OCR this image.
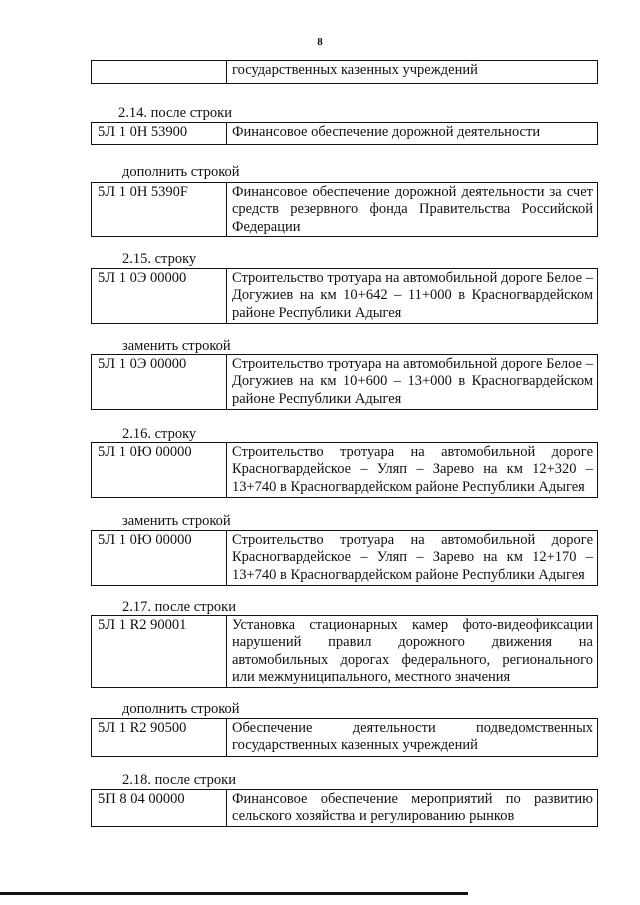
8
	государственных казенных учреждений
2.14. после строки
5Л 1 0Н 53900	Финансовое обеспечение дорожной деятельности
дополнить строкой
5Л 1 0Н 5390F	Финансовое обеспечение дорожной деятельности за счет средств резервного фонда Правительства Российской Федерации
2.15. строку
5Л 1 0Э 00000	Строительство тротуара на автомобильной дороге Белое – Догужиев на км 10+642 – 11+000 в Красногвардейском районе Республики Адыгея
заменить строкой
5Л 1 0Э 00000	Строительство тротуара на автомобильной дороге Белое – Догужиев на км 10+600 – 13+000 в Красногвардейском районе Республики Адыгея
2.16. строку
5Л 1 0Ю 00000	Строительство тротуара на автомобильной дороге Красногвардейское – Уляп – Зарево на км 12+320 – 13+740 в Красногвардейском районе Республики Адыгея
заменить строкой
5Л 1 0Ю 00000	Строительство тротуара на автомобильной дороге Красногвардейское – Уляп – Зарево на км 12+170 – 13+740 в Красногвардейском районе Республики Адыгея
2.17. после строки
5Л 1 R2 90001	Установка стационарных камер фото-видеофиксации нарушений правил дорожного движения на автомобильных дорогах федерального, регионального или межмуниципального, местного значения
дополнить строкой
5Л 1 R2 90500	Обеспечение деятельности подведомственных государственных казенных учреждений
2.18. после строки
5П 8 04 00000	Финансовое обеспечение мероприятий по развитию сельского хозяйства и регулированию рынков
